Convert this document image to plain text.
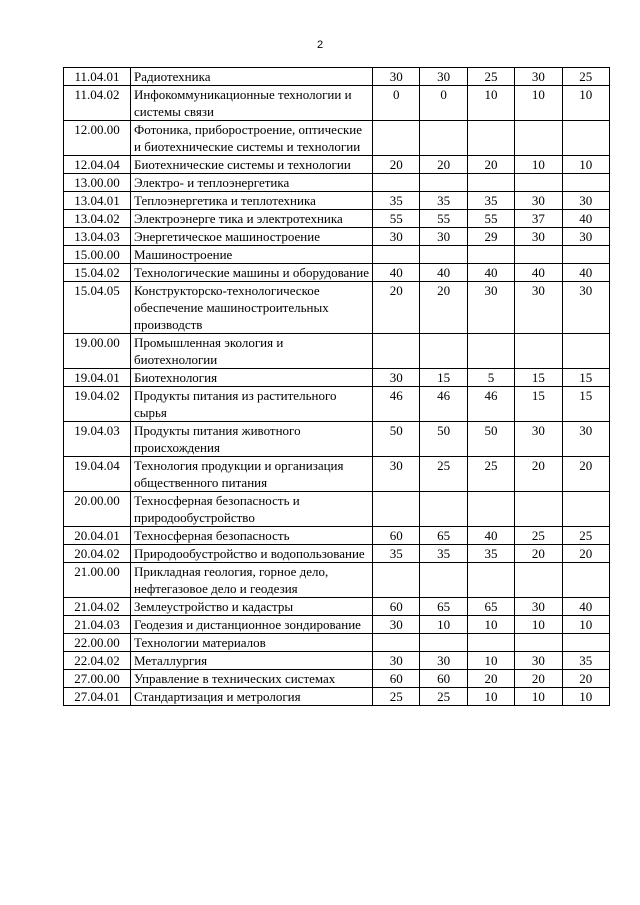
2
11.04.01	Радиотехника	30	30	25	30	25
11.04.02	Инфокоммуникационные технологии и системы связи	0	0	10	10	10
12.00.00	Фотоника, приборостроение, оптические и биотехнические системы и технологии					
12.04.04	Биотехнические системы и технологии	20	20	20	10	10
13.00.00	Электро- и теплоэнергетика					
13.04.01	Теплоэнергетика и теплотехника	35	35	35	30	30
13.04.02	Электроэнерге тика и электротехника	55	55	55	37	40
13.04.03	Энергетическое машиностроение	30	30	29	30	30
15.00.00	Машиностроение					
15.04.02	Технологические машины и оборудование	40	40	40	40	40
15.04.05	Конструкторско-технологическое обеспечение машиностроительных производств	20	20	30	30	30
19.00.00	Промышленная экология и биотехнологии					
19.04.01	Биотехнология	30	15	5	15	15
19.04.02	Продукты питания из растительного сырья	46	46	46	15	15
19.04.03	Продукты питания животного происхождения	50	50	50	30	30
19.04.04	Технология продукции и организация общественного питания	30	25	25	20	20
20.00.00	Техносферная безопасность и природообустройство					
20.04.01	Техносферная безопасность	60	65	40	25	25
20.04.02	Природообустройство и водопользование	35	35	35	20	20
21.00.00	Прикладная геология, горное дело, нефтегазовое дело и геодезия					
21.04.02	Землеустройство и кадастры	60	65	65	30	40
21.04.03	Геодезия и дистанционное зондирование	30	10	10	10	10
22.00.00	Технологии материалов					
22.04.02	Металлургия	30	30	10	30	35
27.00.00	Управление в технических системах	60	60	20	20	20
27.04.01	Стандартизация и метрология	25	25	10	10	10
